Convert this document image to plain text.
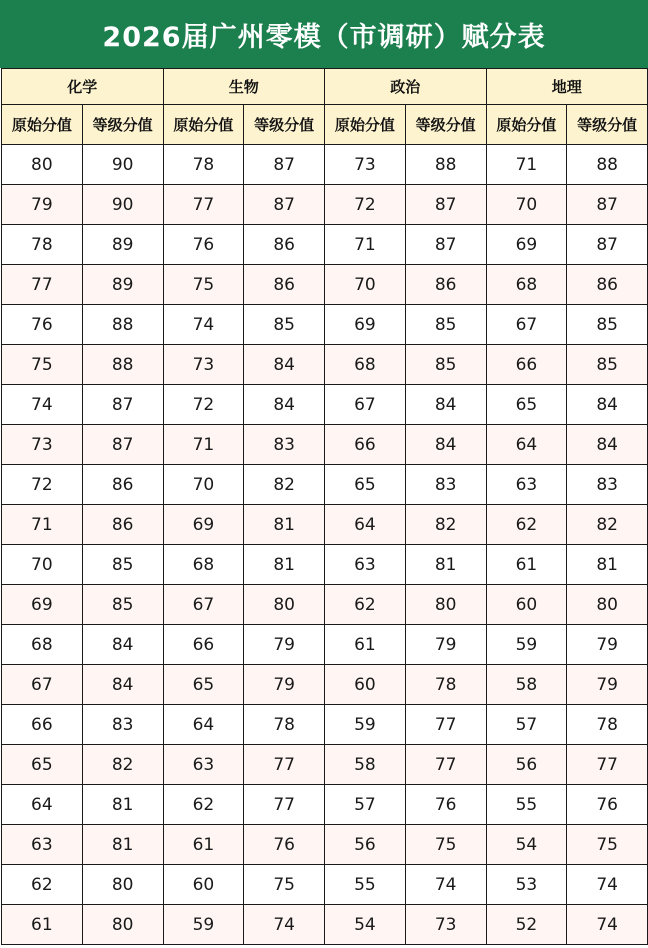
2026届广州零模（市调研）赋分表
化学		生物		政治		地理	
原始分值	等级分值	原始分值	等级分值	原始分值	等级分值	原始分值	等级分值
80	90	78	87	73	88	71	88
79	90	77	87	72	87	70	87
78	89	76	86	71	87	69	87
77	89	75	86	70	86	68	86
76	88	74	85	69	85	67	85
75	88	73	84	68	85	66	85
74	87	72	84	67	84	65	84
73	87	71	83	66	84	64	84
72	86	70	82	65	83	63	83
71	86	69	81	64	82	62	82
70	85	68	81	63	81	61	81
69	85	67	80	62	80	60	80
68	84	66	79	61	79	59	79
67	84	65	79	60	78	58	79
66	83	64	78	59	77	57	78
65	82	63	77	58	77	56	77
64	81	62	77	57	76	55	76
63	81	61	76	56	75	54	75
62	80	60	75	55	74	53	74
61	80	59	74	54	73	52	74
